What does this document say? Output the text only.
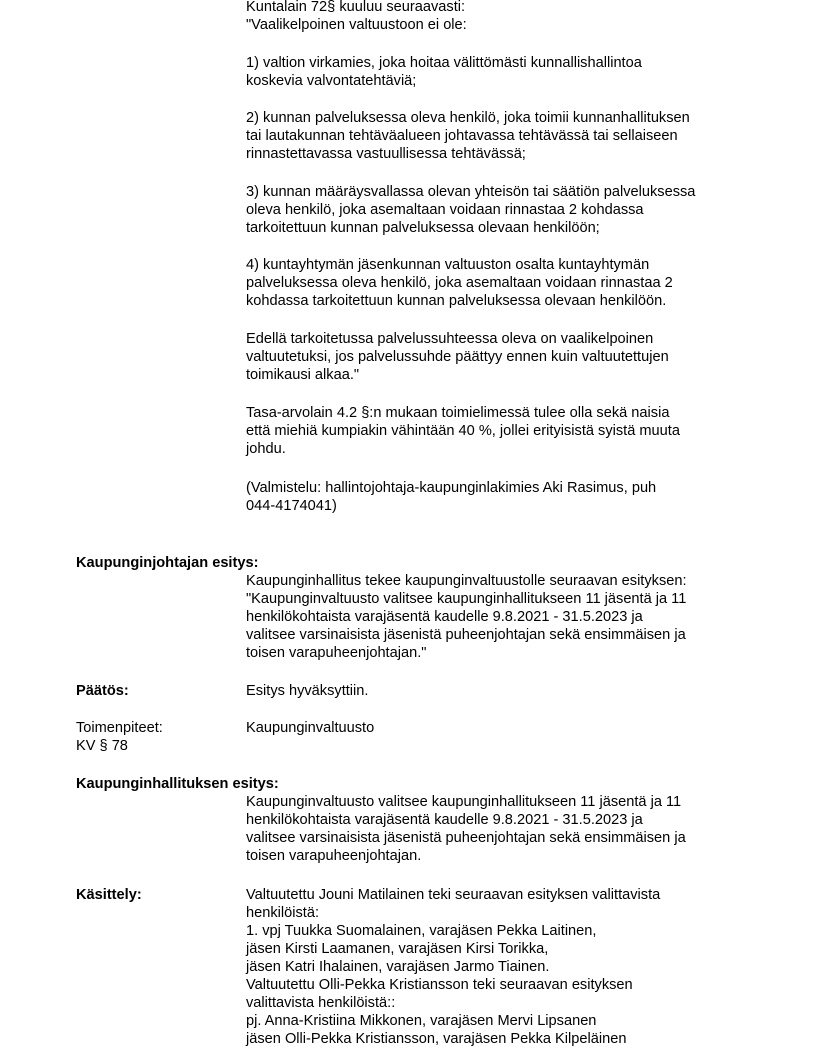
Kuntalain 72§ kuuluu seuraavasti:
"Vaalikelpoinen valtuustoon ei ole:
1) valtion virkamies, joka hoitaa välittömästi kunnallishallintoa
koskevia valvontatehtäviä;
2) kunnan palveluksessa oleva henkilö, joka toimii kunnanhallituksen
tai lautakunnan tehtäväalueen johtavassa tehtävässä tai sellaiseen
rinnastettavassa vastuullisessa tehtävässä;
3) kunnan määräysvallassa olevan yhteisön tai säätiön palveluksessa
oleva henkilö, joka asemaltaan voidaan rinnastaa 2 kohdassa
tarkoitettuun kunnan palveluksessa olevaan henkilöön;
4) kuntayhtymän jäsenkunnan valtuuston osalta kuntayhtymän
palveluksessa oleva henkilö, joka asemaltaan voidaan rinnastaa 2
kohdassa tarkoitettuun kunnan palveluksessa olevaan henkilöön.
Edellä tarkoitetussa palvelussuhteessa oleva on vaalikelpoinen
valtuutetuksi, jos palvelussuhde päättyy ennen kuin valtuutettujen
toimikausi alkaa."
Tasa-arvolain 4.2 §:n mukaan toimielimessä tulee olla sekä naisia
että miehiä kumpiakin vähintään 40 %, jollei erityisistä syistä muuta
johdu.
(Valmistelu: hallintojohtaja-kaupunginlakimies Aki Rasimus, puh
044-4174041)
Kaupunginjohtajan esitys:
Kaupunginhallitus tekee kaupunginvaltuustolle seuraavan esityksen:
"Kaupunginvaltuusto valitsee kaupunginhallitukseen 11 jäsentä ja 11
henkilökohtaista varajäsentä kaudelle 9.8.2021 - 31.5.2023 ja
valitsee varsinaisista jäsenistä puheenjohtajan sekä ensimmäisen ja
toisen varapuheenjohtajan."
Päätös:	Esitys hyväksyttiin.
Toimenpiteet:	Kaupunginvaltuusto
KV § 78
Kaupunginhallituksen esitys:
Kaupunginvaltuusto valitsee kaupunginhallitukseen 11 jäsentä ja 11
henkilökohtaista varajäsentä kaudelle 9.8.2021 - 31.5.2023 ja
valitsee varsinaisista jäsenistä puheenjohtajan sekä ensimmäisen ja
toisen varapuheenjohtajan.
Käsittely:	Valtuutettu Jouni Matilainen teki seuraavan esityksen valittavista
henkilöistä:
1. vpj Tuukka Suomalainen, varajäsen Pekka Laitinen,
jäsen Kirsti Laamanen, varajäsen Kirsi Torikka,
jäsen Katri Ihalainen, varajäsen Jarmo Tiainen.
Valtuutettu Olli-Pekka Kristiansson teki seuraavan esityksen
valittavista henkilöistä::
pj. Anna-Kristiina Mikkonen, varajäsen Mervi Lipsanen
jäsen Olli-Pekka Kristiansson, varajäsen Pekka Kilpeläinen
